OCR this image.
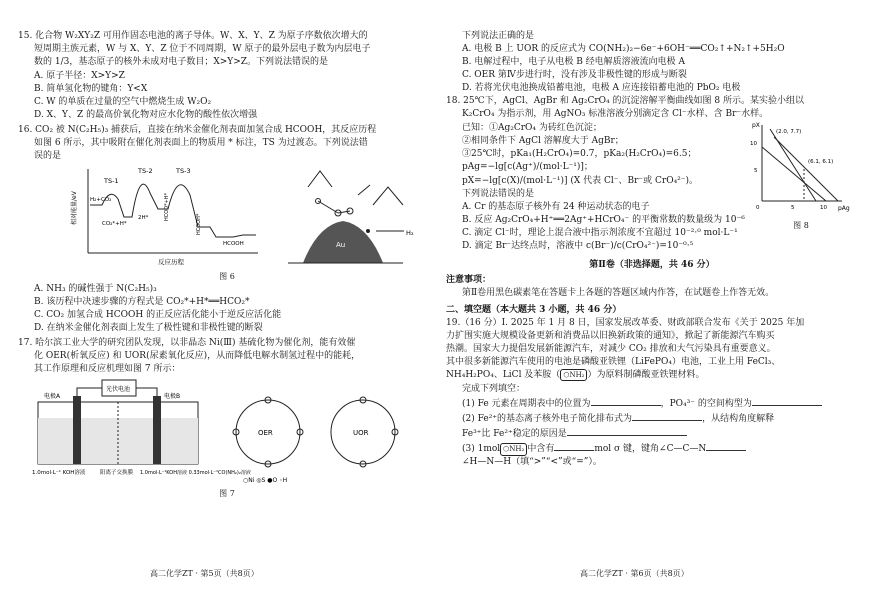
15. 化合物 W₂XY₂Z 可用作固态电池的离子导体。W、X、Y、Z 为原子序数依次增大的
短周期主族元素，W 与 X、Y、Z 位于不同周期，W 原子的最外层电子数为内层电子
数的 1/3，基态原子的核外未成对电子数目；X>Y>Z。下列说法错误的是

A. 原子半径：X>Y>Z

B. 简单氢化物的键角：Y<X

C. W 的单质在过量的空气中燃烧生成 W₂O₂

D. X、Y、Z 的最高价氧化物对应水化物的酸性依次增强

16. CO₂ 被 N(C₂H₅)₃ 捕获后，直接在纳米金催化剂表面加氢合成 HCOOH，其反应历程
如图 6 所示，其中吸附在催化剂表面上的物质用 * 标注，TS 为过渡态。下列说法错
误的是

相对能量/eV
反应历程
TS-1
TS-2	TS-3
H₂+CO₂
CO₂*+H*
2H*	HCOO*+H*
HCOOH*
HCOOH	Au
H₂

图 6

A. NH₃ 的碱性强于 N(C₂H₅)₃

B. 该历程中决速步骤的方程式是 CO₂*+H*══HCO₂*

C. CO₂ 加氢合成 HCOOH 的正反应活化能小于逆反应活化能

D. 在纳米金催化剂表面上发生了极性键和非极性键的断裂

17. 哈尔滨工业大学的研究团队发现，以非晶态 Ni(Ⅲ) 基硫化物为催化剂，能有效催
化 OER(析氧反应) 和 UOR(尿素氧化反应)，从而降低电解水制氢过程中的能耗，
其工作原理和反应机理如图 7 所示：

光伏电池
电极A	电极B
1.0mol·L⁻¹ KOH溶液	阳离子交换膜 1.0mol·L⁻¹KOH溶液 0.33mol·L⁻¹CO(NH₂)₂溶液
OER	UOR
○Ni ◎S ●O ◦H

图 7

下列说法正确的是

A. 电极 B 上 UOR 的反应式为 CO(NH₂)₂−6e⁻+6OH⁻══CO₂↑+N₂↑+5H₂O

B. 电解过程中，电子从电极 B 经电解质溶液流向电极 A

C. OER 第Ⅳ步进行时，没有涉及非极性键的形成与断裂

D. 若将光伏电池换成铅蓄电池，电极 A 应连接铅蓄电池的 PbO₂ 电极

18. 25℃下，AgCl、AgBr 和 Ag₂CrO₄ 的沉淀溶解平衡曲线如图 8 所示。某实验小组以
K₂CrO₄ 为指示剂，用 AgNO₃ 标准溶液分别滴定含 Cl⁻水样、含 Br⁻水样。

已知：①Ag₂CrO₄ 为砖红色沉淀；

②相同条件下 AgCl 溶解度大于 AgBr；

③25℃时，pKa₁(H₂CrO₄)=0.7，pKa₂(H₂CrO₄)=6.5；

pAg=−lg[c(Ag⁺)/(mol·L⁻¹)]；

pX=−lg[c(X)/(mol·L⁻¹)] (X 代表 Cl⁻、Br⁻或 CrO₄²⁻)。

下列说法错误的是

pX
pAg
0	5	10
5
10
(2.0, 7.7)
(6.1, 6.1)

图 8

A. Cr 的基态原子核外有 24 种运动状态的电子

B. 反应 Ag₂CrO₄+H⁺══2Ag⁺+HCrO₄⁻ 的平衡常数的数量级为 10⁻⁶

C. 滴定 Cl⁻时，理论上混合液中指示剂浓度不宜超过 10⁻²·⁰ mol·L⁻¹

D. 滴定 Br⁻达终点时，溶液中 c(Br⁻)/c(CrO₄²⁻)=10⁻⁰·⁵

第Ⅱ卷（非选择题，共 46 分）

注意事项：

第Ⅱ卷用黑色碳素笔在答题卡上各题的答题区域内作答，在试题卷上作答无效。

二、填空题（本大题共 3 小题，共 46 分）

19.（16 分）Ⅰ. 2025 年 1 月 8 日，国家发展改革委、财政部联合发布《关于 2025 年加
力扩围实施大规模设备更新和消费品以旧换新政策的通知》，掀起了新能源汽车购买
热潮。国家大力提倡发展新能源汽车，对减少 CO₂ 排放和大气污染具有重要意义。
其中很多新能源汽车使用的电池是磷酸亚铁锂（LiFePO₄）电池，工业上用 FeCl₃、
NH₄H₂PO₄、LiCl 及苯胺（ ⬡NH₂ ）为原料制磷酸亚铁锂材料。

完成下列填空：

(1) Fe 元素在周期表中的位置为	，PO₄³⁻ 的空间构型为

(2) Fe²⁺的基态离子核外电子简化排布式为	，从结构角度解释
Fe³⁺比 Fe²⁺稳定的原因是

(3) 1mol ⬡NH₂ 中含有	mol σ 键，键角∠C—C—N
∠H—N—H（填“>”“<”或“=”）。

高二化学ZT · 第5页（共8页）	高二化学ZT · 第6页（共8页）
